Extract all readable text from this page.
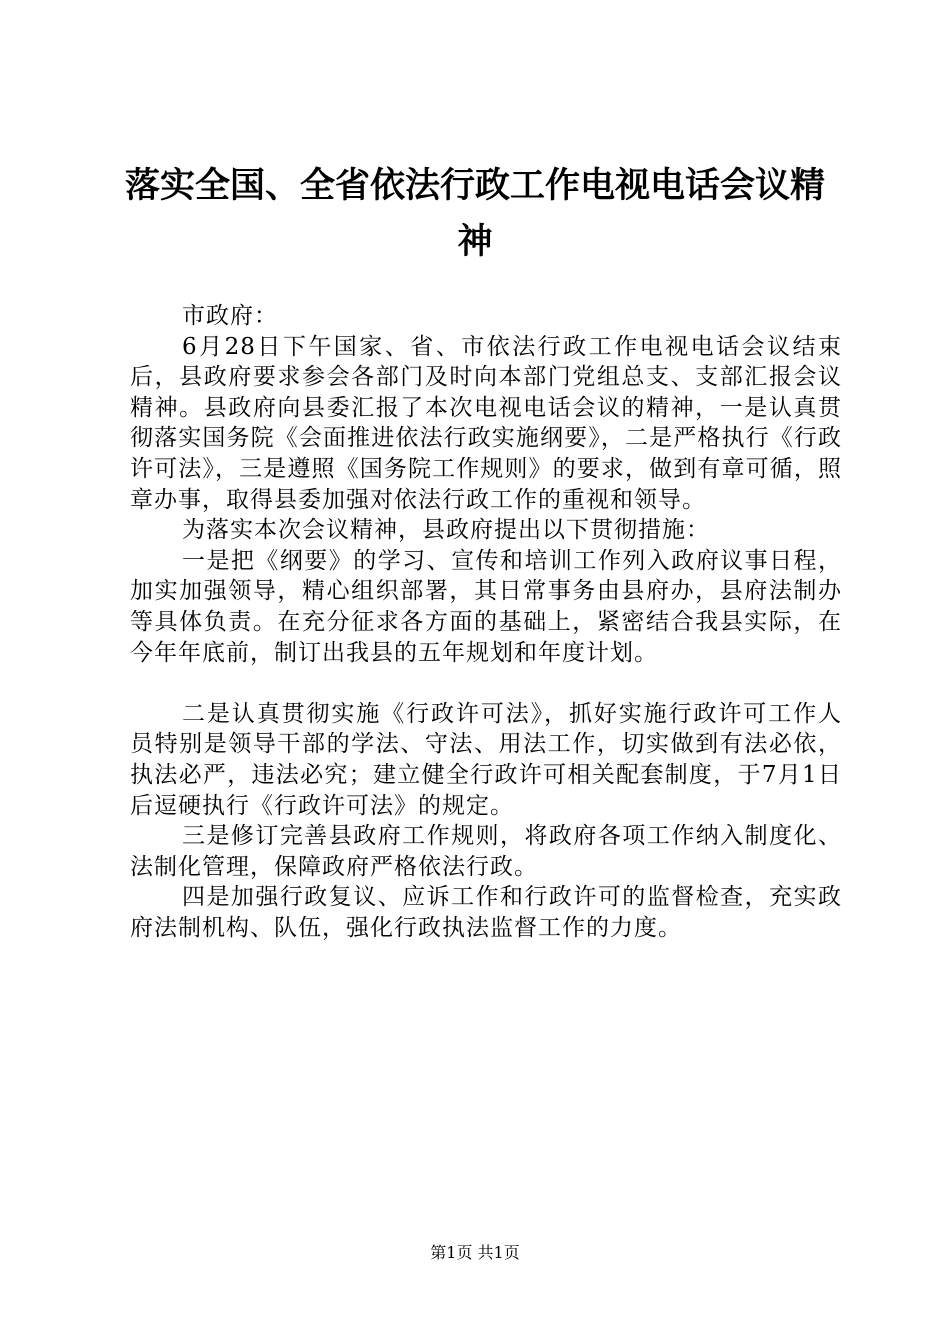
落实全国、全省依法行政工作电视电话会议精神

市政府：

6月28日下午国家、省、市依法行政工作电视电话会议结束后，县政府要求参会各部门及时向本部门党组总支、支部汇报会议精神。县政府向县委汇报了本次电视电话会议的精神，一是认真贯彻落实国务院《会面推进依法行政实施纲要》，二是严格执行《行政许可法》，三是遵照《国务院工作规则》的要求，做到有章可循，照章办事，取得县委加强对依法行政工作的重视和领导。

为落实本次会议精神，县政府提出以下贯彻措施：

一是把《纲要》的学习、宣传和培训工作列入政府议事日程，加实加强领导，精心组织部署，其日常事务由县府办，县府法制办等具体负责。在充分征求各方面的基础上，紧密结合我县实际，在今年年底前，制订出我县的五年规划和年度计划。

二是认真贯彻实施《行政许可法》，抓好实施行政许可工作人员特别是领导干部的学法、守法、用法工作，切实做到有法必依，执法必严，违法必究；建立健全行政许可相关配套制度，于7月1日后逗硬执行《行政许可法》的规定。

三是修订完善县政府工作规则，将政府各项工作纳入制度化、法制化管理，保障政府严格依法行政。

四是加强行政复议、应诉工作和行政许可的监督检查，充实政府法制机构、队伍，强化行政执法监督工作的力度。

第1页 共1页
